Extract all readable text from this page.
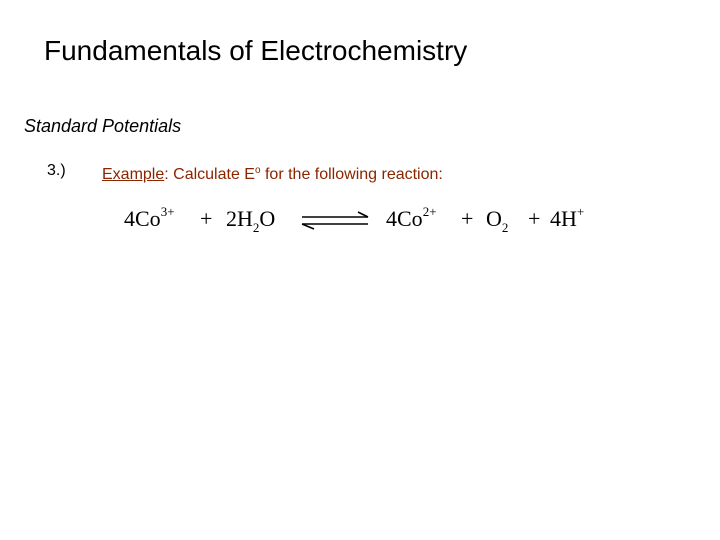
Fundamentals of Electrochemistry
Standard Potentials
3.) Example: Calculate $E^o$ for the following reaction:
$4Co^{3+} + 2H_2O$ ⇌ $4Co^{2+} + O_2 + 4H^+$
